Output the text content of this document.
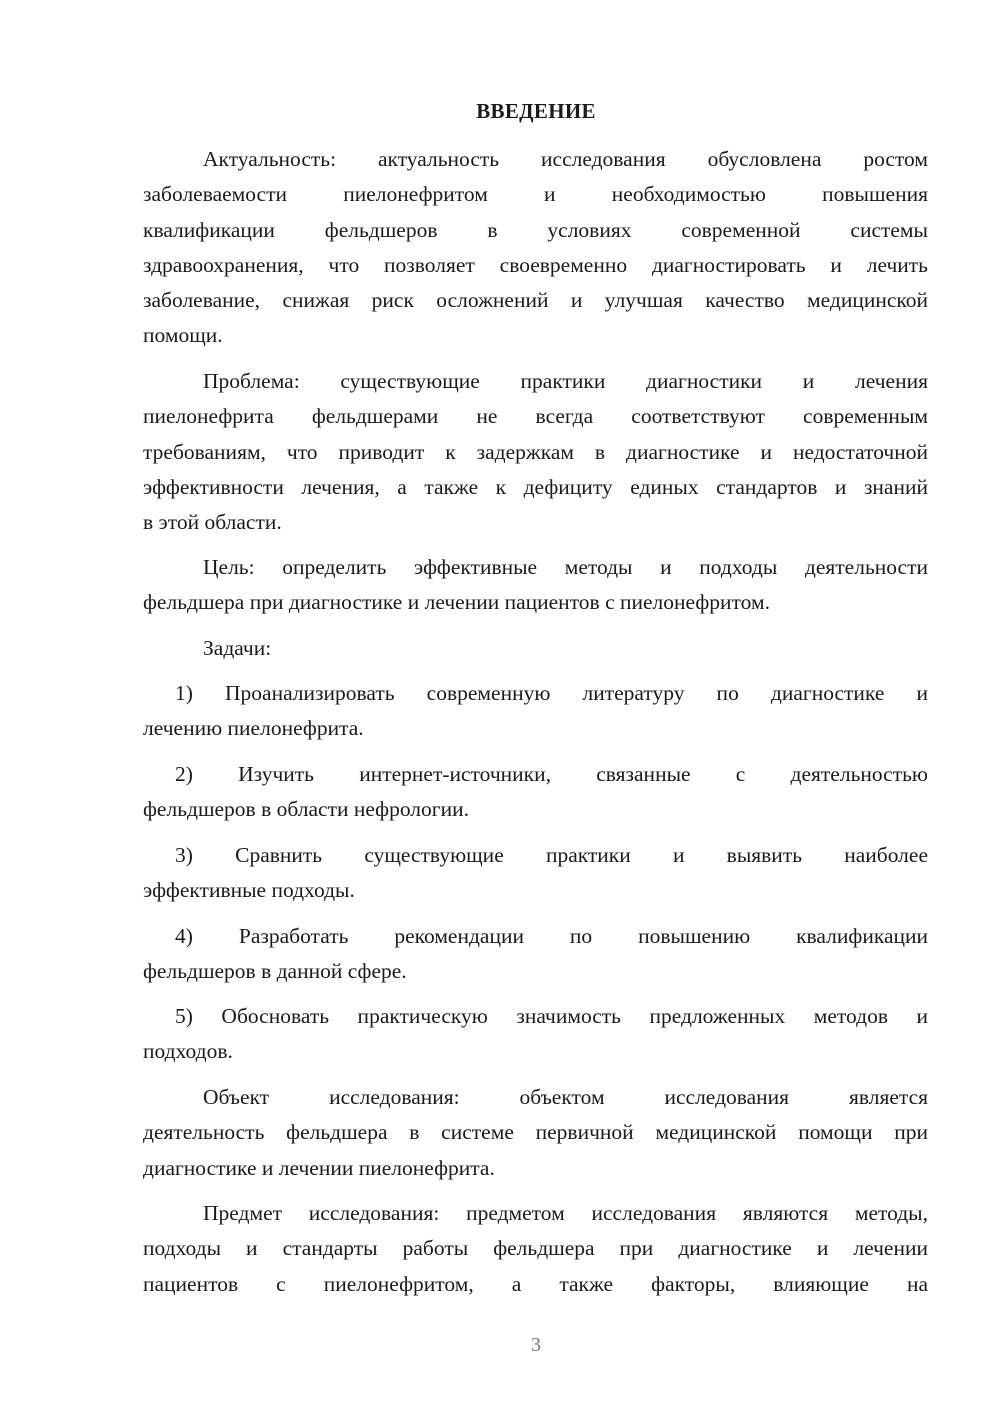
ВВЕДЕНИЕ
Актуальность: актуальность исследования обусловлена ростом
заболеваемости пиелонефритом и необходимостью повышения
квалификации фельдшеров в условиях современной системы
здравоохранения, что позволяет своевременно диагностировать и лечить
заболевание, снижая риск осложнений и улучшая качество медицинской
помощи.
Проблема: существующие практики диагностики и лечения
пиелонефрита фельдшерами не всегда соответствуют современным
требованиям, что приводит к задержкам в диагностике и недостаточной
эффективности лечения, а также к дефициту единых стандартов и знаний
в этой области.
Цель: определить эффективные методы и подходы деятельности
фельдшера при диагностике и лечении пациентов с пиелонефритом.
Задачи:
1) Проанализировать современную литературу по диагностике и
лечению пиелонефрита.
2) Изучить интернет-источники, связанные с деятельностью
фельдшеров в области нефрологии.
3) Сравнить существующие практики и выявить наиболее
эффективные подходы.
4) Разработать рекомендации по повышению квалификации
фельдшеров в данной сфере.
5) Обосновать практическую значимость предложенных методов и
подходов.
Объект исследования: объектом исследования является
деятельность фельдшера в системе первичной медицинской помощи при
диагностике и лечении пиелонефрита.
Предмет исследования: предметом исследования являются методы,
подходы и стандарты работы фельдшера при диагностике и лечении
пациентов с пиелонефритом, а также факторы, влияющие на
3
